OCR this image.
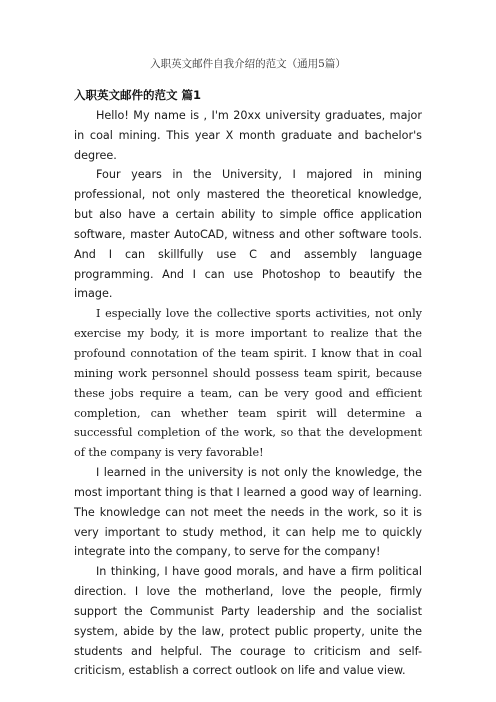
入职英文邮件自我介绍的范文（通用5篇）

入职英文邮件的范文 篇1

Hello! My name is , I'm 20xx university graduates, major in coal mining. This year X month graduate and bachelor's degree.

Four years in the University, I majored in mining professional, not only mastered the theoretical knowledge, but also have a certain ability to simple office application software, master AutoCAD, witness and other software tools. And I can skillfully use C and assembly language programming. And I can use Photoshop to beautify the image.

I especially love the collective sports activities, not only exercise my body, it is more important to realize that the profound connotation of the team spirit. I know that in coal mining work personnel should possess team spirit, because these jobs require a team, can be very good and efficient completion, can whether team spirit will determine a successful completion of the work, so that the development of the company is very favorable!

I learned in the university is not only the knowledge, the most important thing is that I learned a good way of learning. The knowledge can not meet the needs in the work, so it is very important to study method, it can help me to quickly integrate into the company, to serve for the company!

In thinking, I have good morals, and have a firm political direction. I love the motherland, love the people, firmly support the Communist Party leadership and the socialist system, abide by the law, protect public property, unite the students and helpful. The courage to criticism and self-criticism, establish a correct outlook on life and value view.
